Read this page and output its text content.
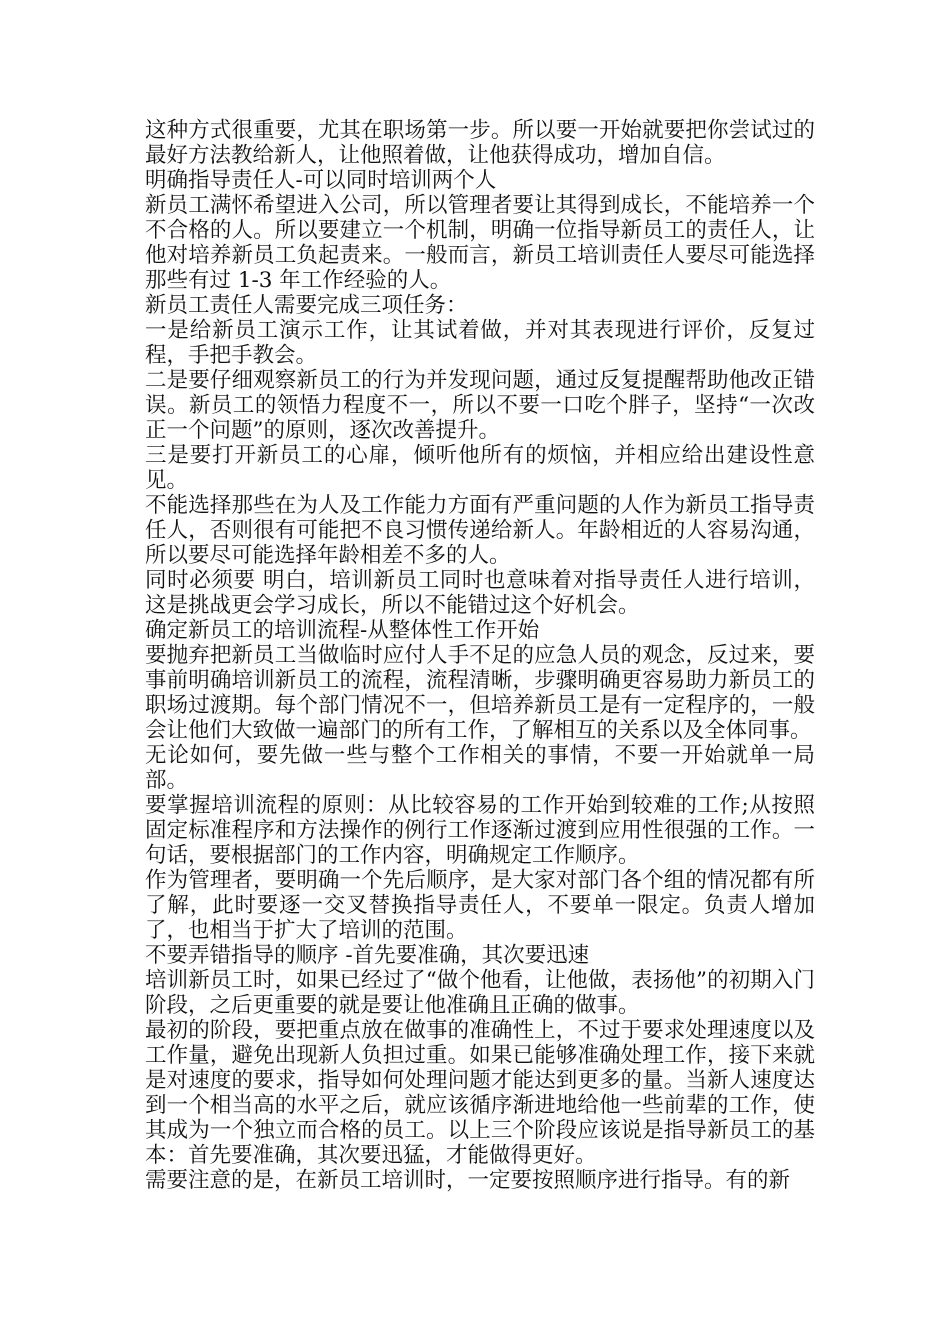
这种方式很重要，尤其在职场第一步。所以要一开始就要把你尝试过的最好方法教给新人，让他照着做，让他获得成功，增加自信。

明确指导责任人-可以同时培训两个人

新员工满怀希望进入公司，所以管理者要让其得到成长，不能培养一个不合格的人。所以要建立一个机制，明确一位指导新员工的责任人，让他对培养新员工负起责来。一般而言，新员工培训责任人要尽可能选择那些有过 1-3 年工作经验的人。

新员工责任人需要完成三项任务：

一是给新员工演示工作，让其试着做，并对其表现进行评价，反复过程，手把手教会。

二是要仔细观察新员工的行为并发现问题，通过反复提醒帮助他改正错误。新员工的领悟力程度不一，所以不要一口吃个胖子，坚持“一次改正一个问题”的原则，逐次改善提升。

三是要打开新员工的心扉，倾听他所有的烦恼，并相应给出建设性意见。

不能选择那些在为人及工作能力方面有严重问题的人作为新员工指导责任人，否则很有可能把不良习惯传递给新人。年龄相近的人容易沟通，所以要尽可能选择年龄相差不多的人。

同时必须要 明白，培训新员工同时也意味着对指导责任人进行培训，这是挑战更会学习成长，所以不能错过这个好机会。

确定新员工的培训流程-从整体性工作开始

要抛弃把新员工当做临时应付人手不足的应急人员的观念，反过来，要事前明确培训新员工的流程，流程清晰，步骤明确更容易助力新员工的职场过渡期。每个部门情况不一，但培养新员工是有一定程序的，一般会让他们大致做一遍部门的所有工作，了解相互的关系以及全体同事。

无论如何，要先做一些与整个工作相关的事情，不要一开始就单一局部。

要掌握培训流程的原则：从比较容易的工作开始到较难的工作;从按照固定标准程序和方法操作的例行工作逐渐过渡到应用性很强的工作。一句话，要根据部门的工作内容，明确规定工作顺序。

作为管理者，要明确一个先后顺序，是大家对部门各个组的情况都有所了解，此时要逐一交叉替换指导责任人，不要单一限定。负责人增加了，也相当于扩大了培训的范围。

不要弄错指导的顺序 -首先要准确，其次要迅速

培训新员工时，如果已经过了“做个他看，让他做，表扬他”的初期入门阶段，之后更重要的就是要让他准确且正确的做事。

最初的阶段，要把重点放在做事的准确性上，不过于要求处理速度以及工作量，避免出现新人负担过重。如果已能够准确处理工作，接下来就是对速度的要求，指导如何处理问题才能达到更多的量。当新人速度达到一个相当高的水平之后，就应该循序渐进地给他一些前辈的工作，使其成为一个独立而合格的员工。以上三个阶段应该说是指导新员工的基本：首先要准确，其次要迅猛，才能做得更好。

需要注意的是，在新员工培训时，一定要按照顺序进行指导。有的新
